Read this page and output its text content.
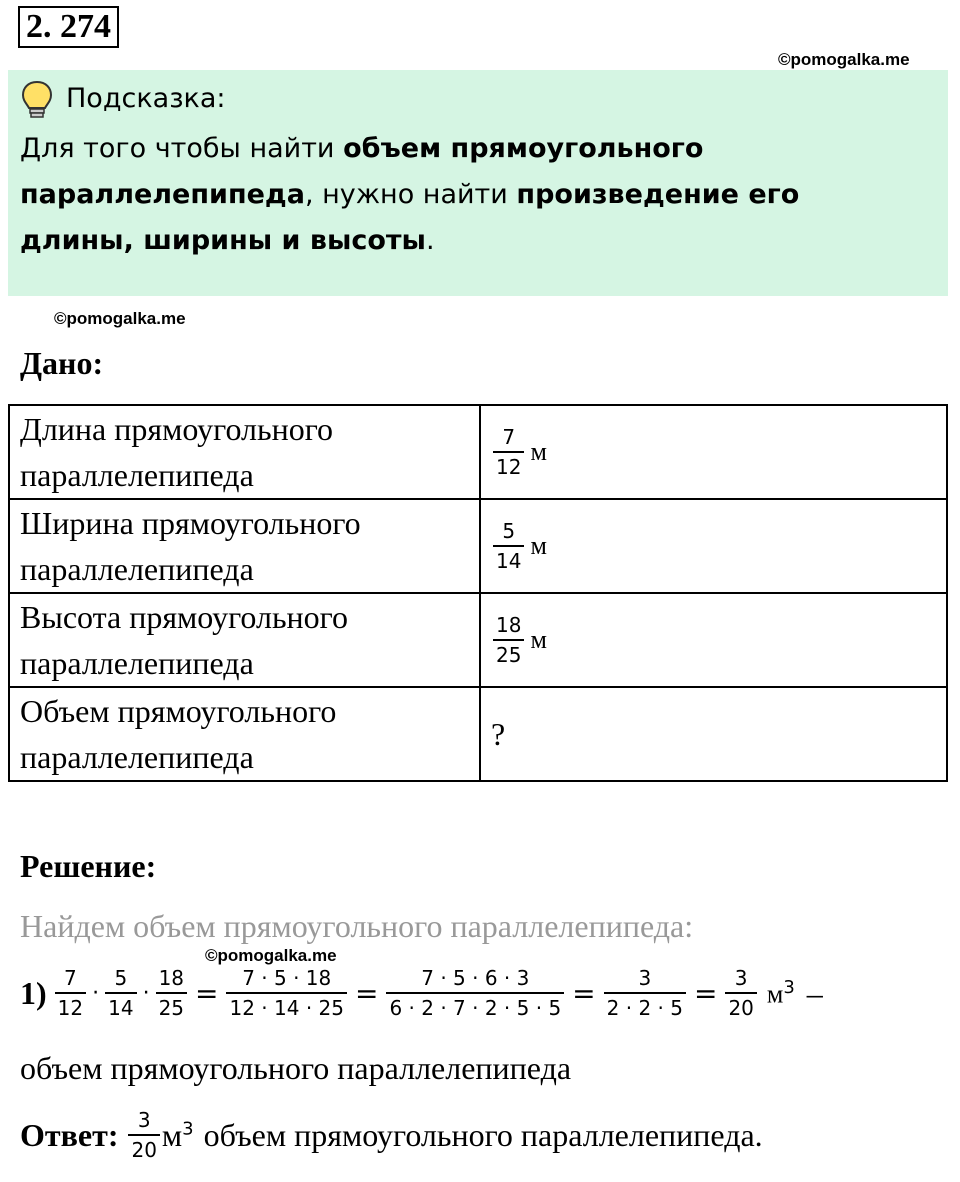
2. 274
©pomogalka.me
Подсказка:
Для того чтобы найти объем прямоугольного параллелепипеда, нужно найти произведение его длины, ширины и высоты.
©pomogalka.me
Дано:
Длина прямоугольного параллелепипеда	$\frac{7}{12}$ м
Ширина прямоугольного параллелепипеда	$\frac{5}{14}$ м
Высота прямоугольного параллелепипеда	$\frac{18}{25}$ м
Объем прямоугольного параллелепипеда	?
Решение:
Найдем объем прямоугольного параллелепипеда:
©pomogalka.me
$1) \frac{7}{12} \cdot \frac{5}{14} \cdot \frac{18}{25} = \frac{7 \cdot 5 \cdot 18}{12 \cdot 14 \cdot 25} = \frac{7 \cdot 5 \cdot 6 \cdot 3}{6 \cdot 2 \cdot 7 \cdot 2 \cdot 5 \cdot 5} = \frac{3}{2 \cdot 2 \cdot 5} = \frac{3}{20} м^3$ –
объем прямоугольного параллелепипеда
Ответ: $\frac{3}{20} м^3$ объем прямоугольного параллелепипеда.
